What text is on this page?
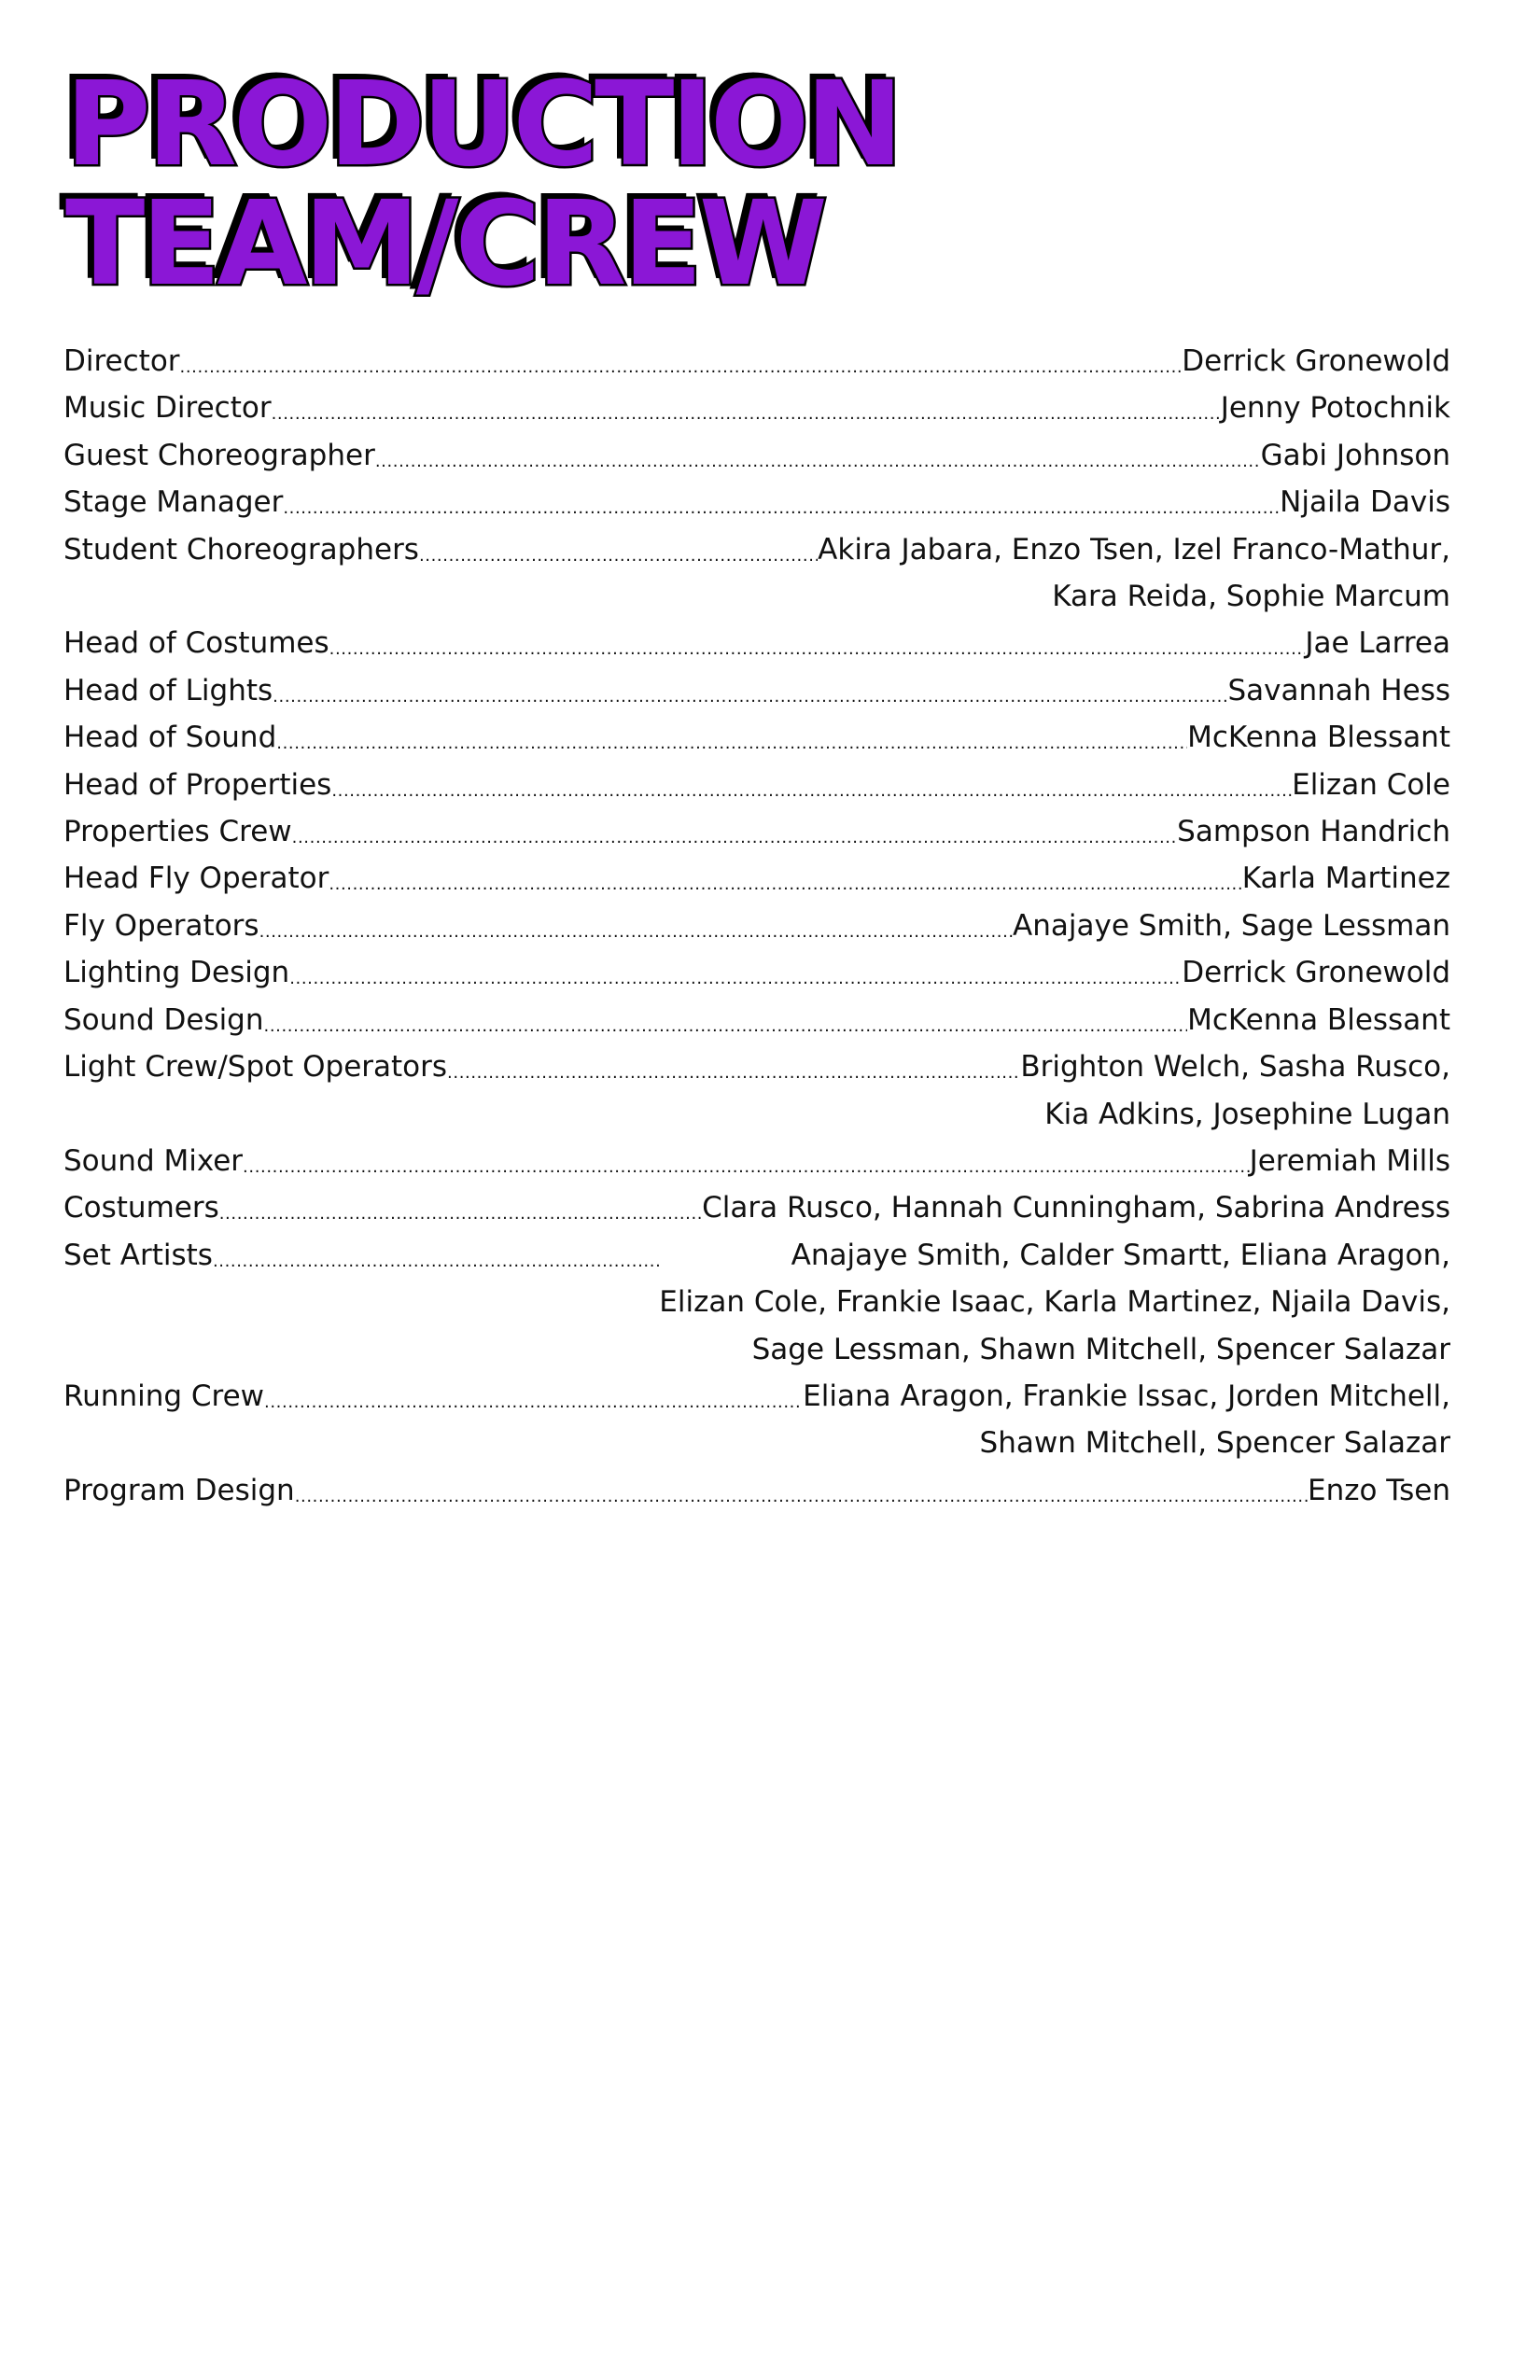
PRODUCTION
TEAM/CREW
Director .....	Derrick Gronewold
Music Director .....	Jenny Potochnik
Guest Choreographer .....	Gabi Johnson
Stage Manager .....	Njaila Davis
Student Choreographers .....	Akira Jabara, Enzo Tsen, Izel Franco-Mathur,
Kara Reida, Sophie Marcum
Head of Costumes .....	Jae Larrea
Head of Lights .....	Savannah Hess
Head of Sound .....	McKenna Blessant
Head of Properties .....	Elizan Cole
Properties Crew .....	Sampson Handrich
Head Fly Operator .....	Karla Martinez
Fly Operators .....	Anajaye Smith, Sage Lessman
Lighting Design .....	Derrick Gronewold
Sound Design .....	McKenna Blessant
Light Crew/Spot Operators .....	Brighton Welch, Sasha Rusco,
Kia Adkins, Josephine Lugan
Sound Mixer .....	Jeremiah Mills
Costumers .....	Clara Rusco, Hannah Cunningham, Sabrina Andress
Set Artists .....	Anajaye Smith, Calder Smartt, Eliana Aragon,
Elizan Cole, Frankie Isaac, Karla Martinez, Njaila Davis,
Sage Lessman, Shawn Mitchell, Spencer Salazar
Running Crew .....	Eliana Aragon, Frankie Issac, Jorden Mitchell,
Shawn Mitchell, Spencer Salazar
Program Design .....	Enzo Tsen
